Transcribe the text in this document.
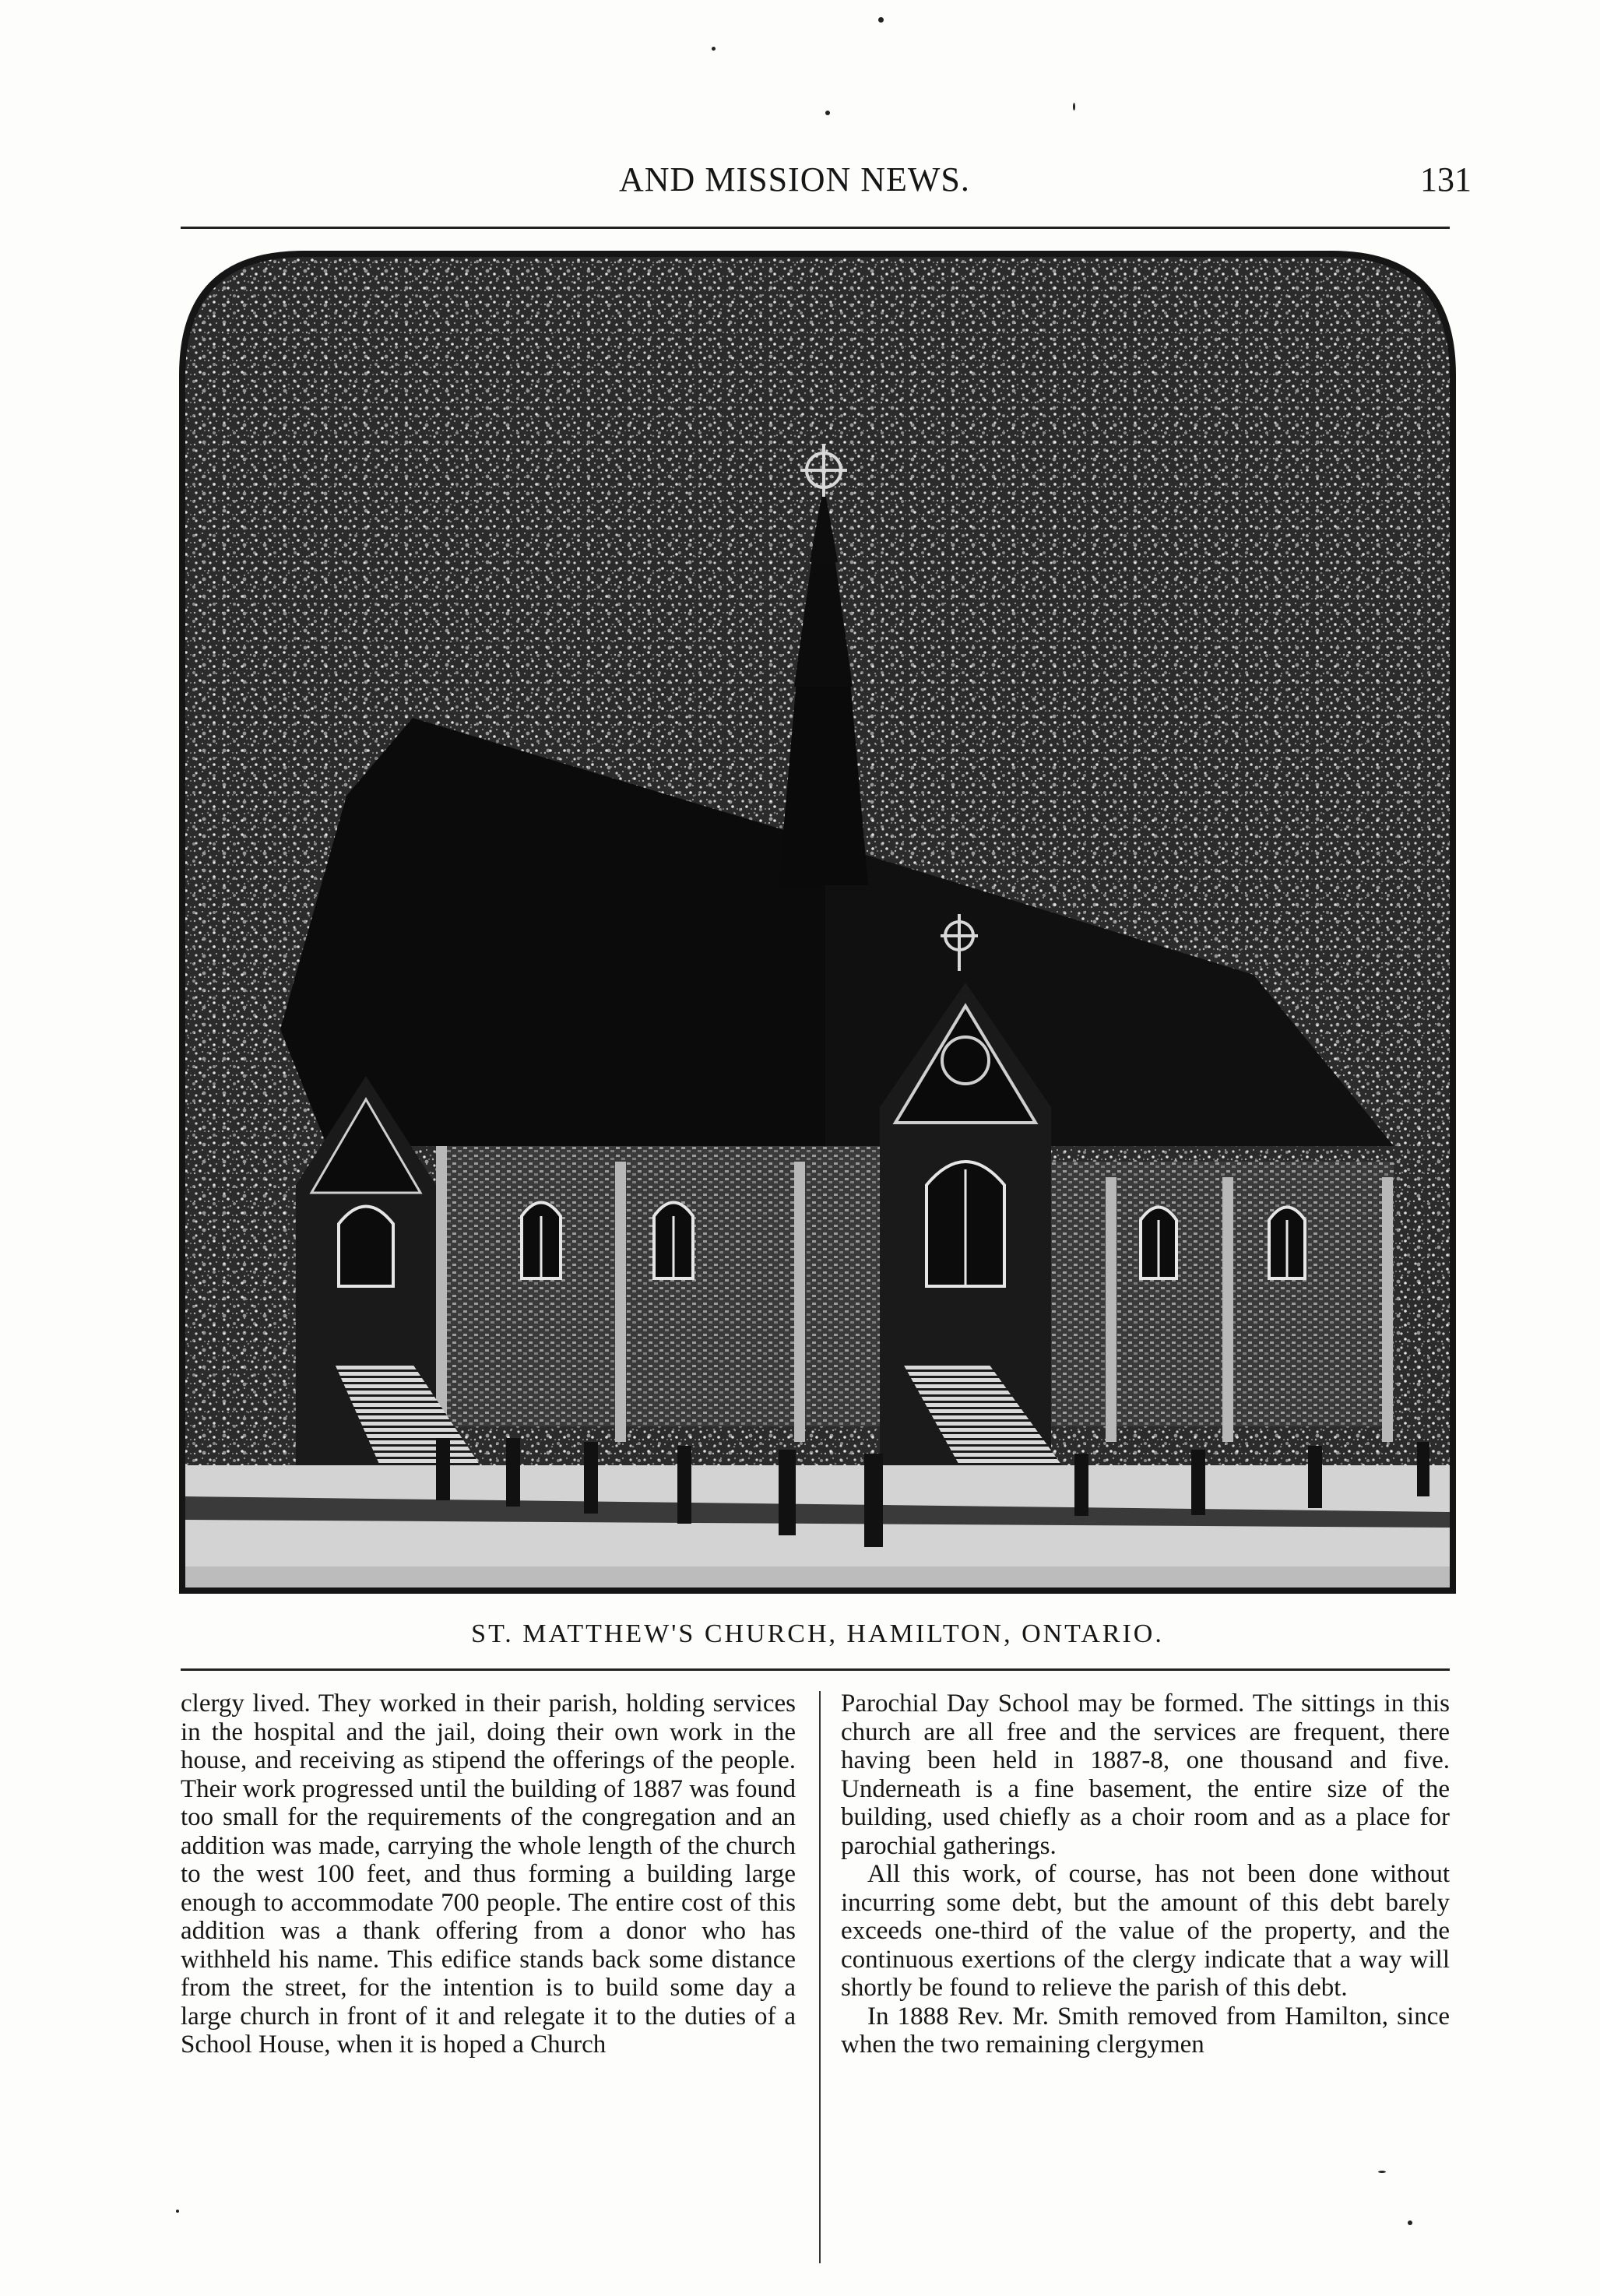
AND MISSION NEWS.	131
ST. MATTHEW'S CHURCH, HAMILTON, ONTARIO.

clergy lived. They worked in their parish, holding services in the hospital and the jail, doing their own work in the house, and receiving as stipend the offerings of the people. Their work progressed until the building of 1887 was found too small for the requirements of the congregation and an addition was made, carrying the whole length of the church to the west 100 feet, and thus forming a building large enough to accommodate 700 people. The entire cost of this addition was a thank offering from a donor who has withheld his name. This edifice stands back some distance from the street, for the intention is to build some day a large church in front of it and relegate it to the duties of a School House, when it is hoped a Church

Parochial Day School may be formed. The sittings in this church are all free and the services are frequent, there having been held in 1887-8, one thousand and five. Underneath is a fine basement, the entire size of the building, used chiefly as a choir room and as a place for parochial gatherings.

All this work, of course, has not been done without incurring some debt, but the amount of this debt barely exceeds one-third of the value of the property, and the continuous exertions of the clergy indicate that a way will shortly be found to relieve the parish of this debt.

In 1888 Rev. Mr. Smith removed from Hamilton, since when the two remaining clergymen
